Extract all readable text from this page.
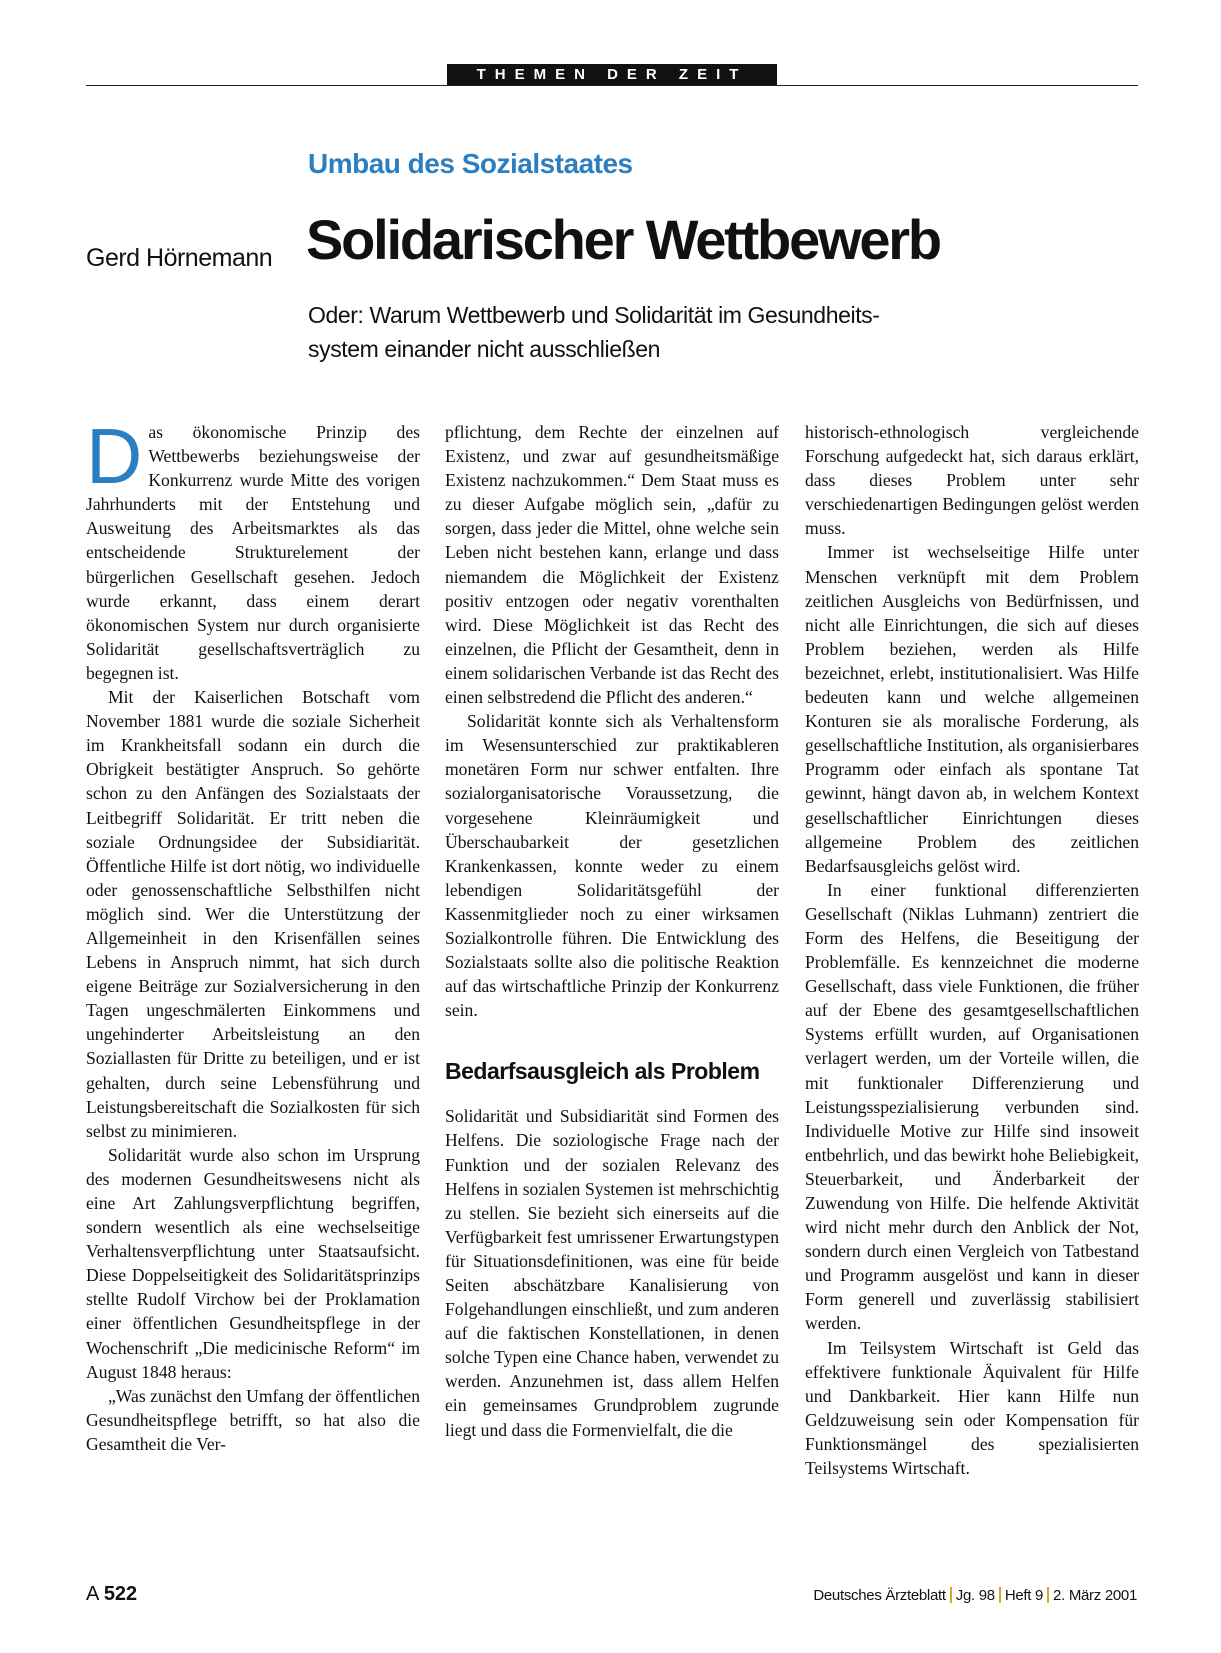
THEMEN DER ZEIT
Umbau des Sozialstaates
Gerd Hörnemann Solidarischer Wettbewerb
Oder: Warum Wettbewerb und Solidarität im Gesundheits-
system einander nicht ausschließen

Das ökonomische Prinzip des Wettbewerbs beziehungsweise der Konkurrenz wurde Mitte des vorigen Jahrhunderts mit der Entstehung und Ausweitung des Arbeitsmarktes als das entscheidende Strukturelement der bürgerlichen Gesellschaft gesehen. Jedoch wurde erkannt, dass einem derart ökonomischen System nur durch organisierte Solidarität gesellschaftsverträglich zu begegnen ist.

Mit der Kaiserlichen Botschaft vom November 1881 wurde die soziale Sicherheit im Krankheitsfall sodann ein durch die Obrigkeit bestätigter Anspruch. So gehörte schon zu den Anfängen des Sozialstaats der Leitbegriff Solidarität. Er tritt neben die soziale Ordnungsidee der Subsidiarität. Öffentliche Hilfe ist dort nötig, wo individuelle oder genossenschaftliche Selbsthilfen nicht möglich sind. Wer die Unterstützung der Allgemeinheit in den Krisenfällen seines Lebens in Anspruch nimmt, hat sich durch eigene Beiträge zur Sozialversicherung in den Tagen ungeschmälerten Einkommens und ungehinderter Arbeitsleistung an den Soziallasten für Dritte zu beteiligen, und er ist gehalten, durch seine Lebensführung und Leistungsbereitschaft die Sozialkosten für sich selbst zu minimieren.

Solidarität wurde also schon im Ursprung des modernen Gesundheitswesens nicht als eine Art Zahlungsverpflichtung begriffen, sondern wesentlich als eine wechselseitige Verhaltensverpflichtung unter Staatsaufsicht. Diese Doppelseitigkeit des Solidaritätsprinzips stellte Rudolf Virchow bei der Proklamation einer öffentlichen Gesundheitspflege in der Wochenschrift „Die medicinische Reform“ im August 1848 heraus:

„Was zunächst den Umfang der öffentlichen Gesundheitspflege betrifft, so hat also die Gesamtheit die Ver-

pflichtung, dem Rechte der einzelnen auf Existenz, und zwar auf gesundheitsmäßige Existenz nachzukommen.“ Dem Staat muss es zu dieser Aufgabe möglich sein, „dafür zu sorgen, dass jeder die Mittel, ohne welche sein Leben nicht bestehen kann, erlange und dass niemandem die Möglichkeit der Existenz positiv entzogen oder negativ vorenthalten wird. Diese Möglichkeit ist das Recht des einzelnen, die Pflicht der Gesamtheit, denn in einem solidarischen Verbande ist das Recht des einen selbstredend die Pflicht des anderen.“

Solidarität konnte sich als Verhaltensform im Wesensunterschied zur praktikableren monetären Form nur schwer entfalten. Ihre sozialorganisatorische Voraussetzung, die vorgesehene Kleinräumigkeit und Überschaubarkeit der gesetzlichen Krankenkassen, konnte weder zu einem lebendigen Solidaritätsgefühl der Kassenmitglieder noch zu einer wirksamen Sozialkontrolle führen. Die Entwicklung des Sozialstaats sollte also die politische Reaktion auf das wirtschaftliche Prinzip der Konkurrenz sein.

Bedarfsausgleich als Problem

Solidarität und Subsidiarität sind Formen des Helfens. Die soziologische Frage nach der Funktion und der sozialen Relevanz des Helfens in sozialen Systemen ist mehrschichtig zu stellen. Sie bezieht sich einerseits auf die Verfügbarkeit fest umrissener Erwartungstypen für Situationsdefinitionen, was eine für beide Seiten abschätzbare Kanalisierung von Folgehandlungen einschließt, und zum anderen auf die faktischen Konstellationen, in denen solche Typen eine Chance haben, verwendet zu werden. Anzunehmen ist, dass allem Helfen ein gemeinsames Grundproblem zugrunde liegt und dass die Formenvielfalt, die die

historisch-ethnologisch vergleichende Forschung aufgedeckt hat, sich daraus erklärt, dass dieses Problem unter sehr verschiedenartigen Bedingungen gelöst werden muss.

Immer ist wechselseitige Hilfe unter Menschen verknüpft mit dem Problem zeitlichen Ausgleichs von Bedürfnissen, und nicht alle Einrichtungen, die sich auf dieses Problem beziehen, werden als Hilfe bezeichnet, erlebt, institutionalisiert. Was Hilfe bedeuten kann und welche allgemeinen Konturen sie als moralische Forderung, als gesellschaftliche Institution, als organisierbares Programm oder einfach als spontane Tat gewinnt, hängt davon ab, in welchem Kontext gesellschaftlicher Einrichtungen dieses allgemeine Problem des zeitlichen Bedarfsausgleichs gelöst wird.

In einer funktional differenzierten Gesellschaft (Niklas Luhmann) zentriert die Form des Helfens, die Beseitigung der Problemfälle. Es kennzeichnet die moderne Gesellschaft, dass viele Funktionen, die früher auf der Ebene des gesamtgesellschaftlichen Systems erfüllt wurden, auf Organisationen verlagert werden, um der Vorteile willen, die mit funktionaler Differenzierung und Leistungsspezialisierung verbunden sind. Individuelle Motive zur Hilfe sind insoweit entbehrlich, und das bewirkt hohe Beliebigkeit, Steuerbarkeit, und Änderbarkeit der Zuwendung von Hilfe. Die helfende Aktivität wird nicht mehr durch den Anblick der Not, sondern durch einen Vergleich von Tatbestand und Programm ausgelöst und kann in dieser Form generell und zuverlässig stabilisiert werden.

Im Teilsystem Wirtschaft ist Geld das effektivere funktionale Äquivalent für Hilfe und Dankbarkeit. Hier kann Hilfe nun Geldzuweisung sein oder Kompensation für Funktionsmängel des spezialisierten Teilsystems Wirtschaft.

A 522	Deutsches Ärzteblatt Jg. 98 Heft 9 2. März 2001
